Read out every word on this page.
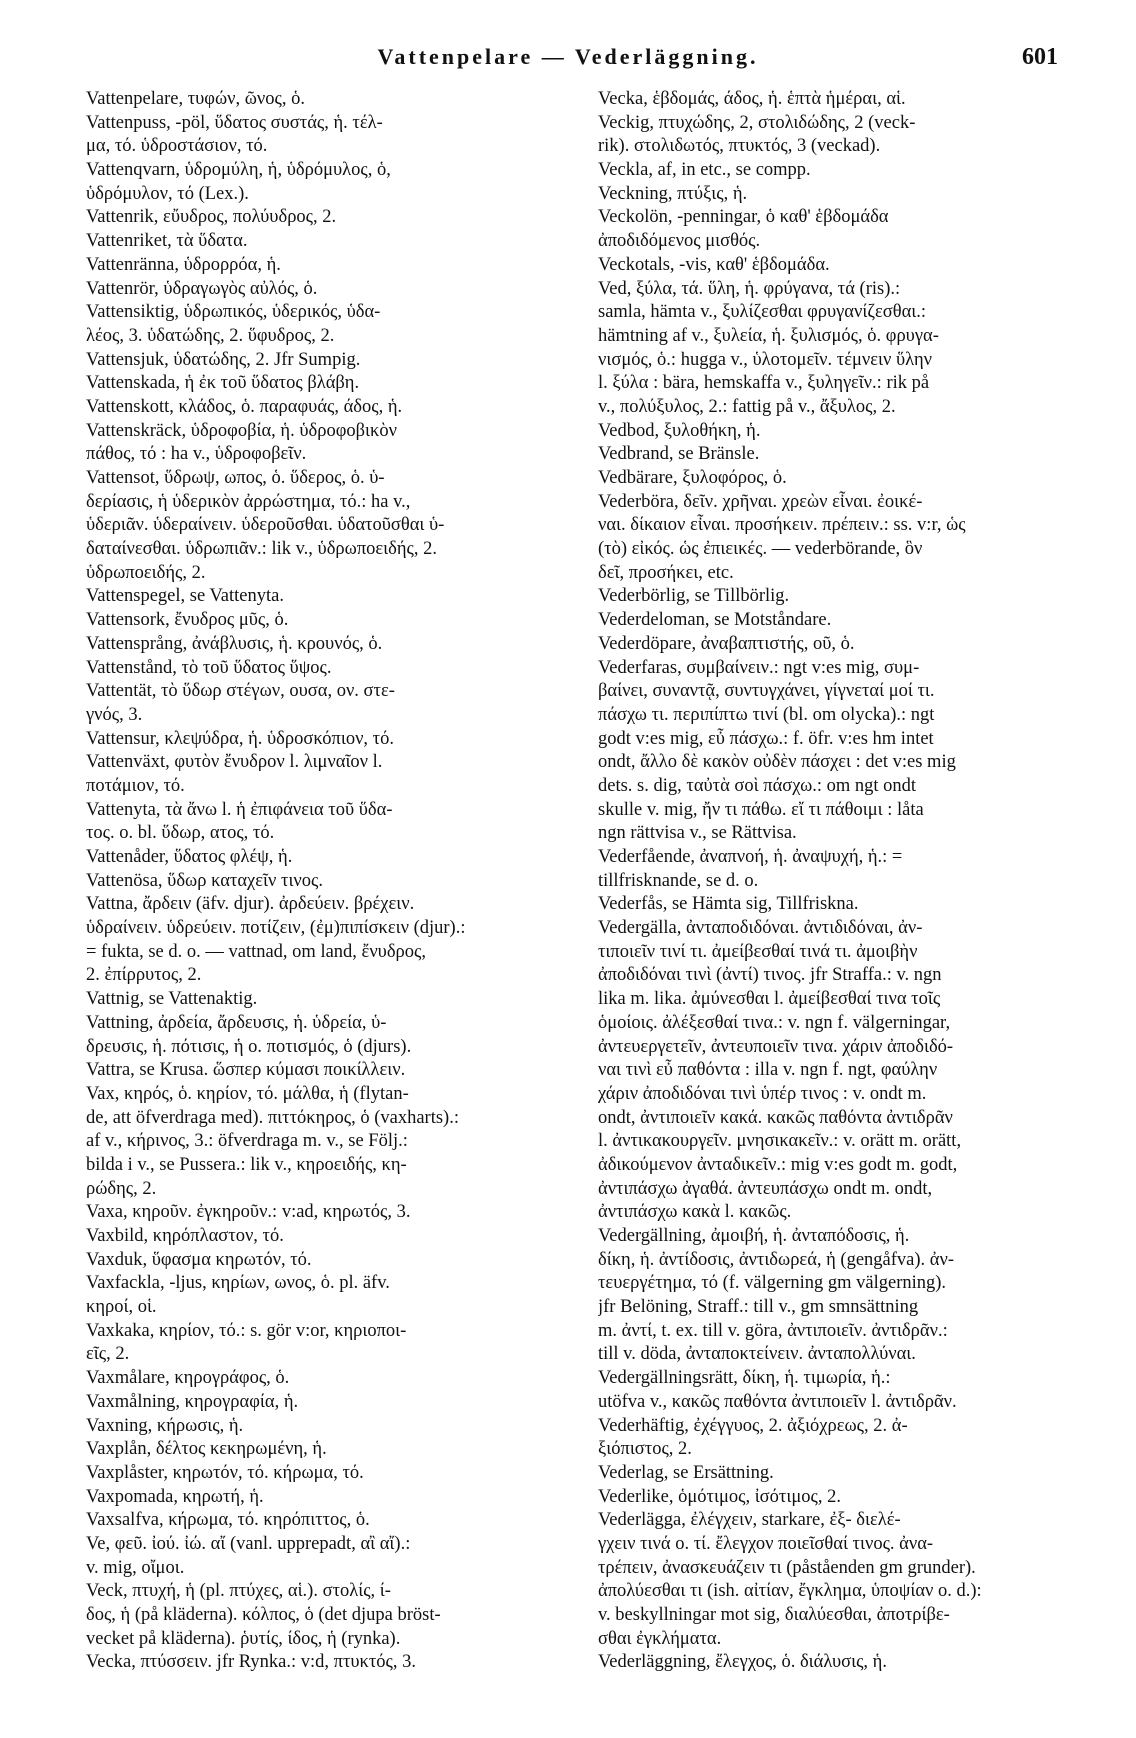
Vattenpelare — Vederläggning.	601
Vattenpelare, τυφών, ῶνος, ὁ.
Vattenpuss, -pöl, ὕδατος συστάς, ἡ. τέλ-
μα, τό. ὑδροστάσιον, τό.
Vattenqvarn, ὑδρομύλη, ἡ, ὑδρόμυλος, ὁ,
ὑδρόμυλον, τό (Lex.).
Vattenrik, εὔυδρος, πολύυδρος, 2.
Vattenriket, τὰ ὕδατα.
Vattenränna, ὑδρορρόα, ἡ.
Vattenrör, ὑδραγωγὸς αὐλός, ὁ.
Vattensiktig, ὑδρωπικός, ὑδερικός, ὑδα-
λέος, 3. ὑδατώδης, 2. ὕφυδρος, 2.
Vattensjuk, ὑδατώδης, 2. Jfr Sumpig.
Vattenskada, ἡ ἐκ τοῦ ὕδατος βλάβη.
Vattenskott, κλάδος, ὁ. παραφυάς, άδος, ἡ.
Vattenskräck, ὑδροφοβία, ἡ. ὑδροφοβικὸν
πάθος, τό : ha v., ὑδροφοβεῖν.
Vattensot, ὕδρωψ, ωπος, ὁ. ὕδερος, ὁ. ὑ-
δερίασις, ἡ ὑδερικὸν ἀρρώστημα, τό.: ha v.,
ὑδεριᾶν. ὑδεραίνειν. ὑδεροῦσθαι. ὑδατοῦσθαι ὑ-
δαταίνεσθαι. ὑδρωπιᾶν.: lik v., ὑδρωποειδής, 2.
ὑδρωποειδής, 2.
Vattenspegel, se Vattenyta.
Vattensork, ἔνυδρος μῦς, ὁ.
Vattensprång, ἀνάβλυσις, ἡ. κρουνός, ὁ.
Vattenstånd, τὸ τοῦ ὕδατος ὕψος.
Vattentät, τὸ ὕδωρ στέγων, ουσα, ον. στε-
γνός, 3.
Vattensur, κλεψύδρα, ἡ. ὑδροσκόπιον, τό.
Vattenväxt, φυτὸν ἔνυδρον l. λιμναῖον l.
ποτάμιον, τό.
Vattenyta, τὰ ἄνω l. ἡ ἐπιφάνεια τοῦ ὕδα-
τος. o. bl. ὕδωρ, ατος, τό.
Vattenåder, ὕδατος φλέψ, ἡ.
Vattenösa, ὕδωρ καταχεῖν τινος.
Vattna, ἄρδειν (äfv. djur). ἀρδεύειν. βρέχειν.
ὑδραίνειν. ὑδρεύειν. ποτίζειν, (ἐμ)πιπίσκειν (djur).:
= fukta, se d. o. — vattnad, om land, ἔνυδρος,
2. ἐπίρρυτος, 2.
Vattnig, se Vattenaktig.
Vattning, ἀρδεία, ἄρδευσις, ἡ. ὑδρεία, ὑ-
δρευσις, ἡ. πότισις, ἡ ο. ποτισμός, ὁ (djurs).
Vattra, se Krusa. ὥσπερ κύμασι ποικίλλειν.
Vax, κηρός, ὁ. κηρίον, τό. μάλθα, ἡ (flytan-
de, att öfverdraga med). πιττόκηρος, ὁ (vaxharts).:
af v., κήρινος, 3.: öfverdraga m. v., se Följ.:
bilda i v., se Pussera.: lik v., κηροειδής, κη-
ρώδης, 2.
Vaxa, κηροῦν. ἐγκηροῦν.: v:ad, κηρωτός, 3.
Vaxbild, κηρόπλαστον, τό.
Vaxduk, ὕφασμα κηρωτόν, τό.
Vaxfackla, -ljus, κηρίων, ωνος, ὁ. pl. äfv.
κηροί, οἱ.
Vaxkaka, κηρίον, τό.: s. gör v:or, κηριοποι-
εῖς, 2.
Vaxmålare, κηρογράφος, ὁ.
Vaxmålning, κηρογραφία, ἡ.
Vaxning, κήρωσις, ἡ.
Vaxplån, δέλτος κεκηρωμένη, ἡ.
Vaxplåster, κηρωτόν, τό. κήρωμα, τό.
Vaxpomada, κηρωτή, ἡ.
Vaxsalfva, κήρωμα, τό. κηρόπιττος, ὁ.
Ve, φεῦ. ἰού. ἰώ. αἴ (vanl. upprepadt, αἲ αἴ).:
v. mig, οἴμοι.
Veck, πτυχή, ἡ (pl. πτύχες, αἱ.). στολίς, ί-
δος, ἡ (på kläderna). κόλπος, ὁ (det djupa bröst-
vecket på kläderna). ῥυτίς, ίδος, ἡ (rynka).
Vecka, πτύσσειν. jfr Rynka.: v:d, πτυκτός, 3.
Vecka, ἑβδομάς, άδος, ἡ. ἑπτὰ ἡμέραι, αἱ.
Veckig, πτυχώδης, 2, στολιδώδης, 2 (veck-
rik). στολιδωτός, πτυκτός, 3 (veckad).
Veckla, af, in etc., se compp.
Veckning, πτύξις, ἡ.
Veckolön, -penningar, ὁ καθ' ἑβδομάδα
ἀποδιδόμενος μισθός.
Veckotals, -vis, καθ' ἑβδομάδα.
Ved, ξύλα, τά. ὕλη, ἡ. φρύγανα, τά (ris).:
samla, hämta v., ξυλίζεσθαι φρυγανίζεσθαι.:
hämtning af v., ξυλεία, ἡ. ξυλισμός, ὁ. φρυγα-
νισμός, ὁ.: hugga v., ὑλοτομεῖν. τέμνειν ὕλην
l. ξύλα : bära, hemskaffa v., ξυληγεῖν.: rik på
v., πολύξυλος, 2.: fattig på v., ἄξυλος, 2.
Vedbod, ξυλοθήκη, ἡ.
Vedbrand, se Bränsle.
Vedbärare, ξυλοφόρος, ὁ.
Vederböra, δεῖν. χρῆναι. χρεὼν εἶναι. ἐοικέ-
ναι. δίκαιον εἶναι. προσήκειν. πρέπειν.: ss. v:r, ὡς
(τὸ) εἰκός. ὡς ἐπιεικές. — vederbörande, ὃν
δεῖ, προσήκει, etc.
Vederbörlig, se Tillbörlig.
Vederdeloman, se Motståndare.
Vederdöpare, ἀναβαπτιστής, οῦ, ὁ.
Vederfaras, συμβαίνειν.: ngt v:es mig, συμ-
βαίνει, συναντᾷ, συντυγχάνει, γίγνεταί μοί τι.
πάσχω τι. περιπίπτω τινί (bl. om olycka).: ngt
godt v:es mig, εὖ πάσχω.: f. öfr. v:es hm intet
ondt, ἄλλο δὲ κακὸν οὐδὲν πάσχει : det v:es mig
dets. s. dig, ταὐτὰ σοὶ πάσχω.: om ngt ondt
skulle v. mig, ἤν τι πάθω. εἴ τι πάθοιμι : låta
ngn rättvisa v., se Rättvisa.
Vederfående, ἀναπνοή, ἡ. ἀναψυχή, ἡ.: =
tillfrisknande, se d. o.
Vederfås, se Hämta sig, Tillfriskna.
Vedergälla, ἀνταποδιδόναι. ἀντιδιδόναι, ἀν-
τιποιεῖν τινί τι. ἀμείβεσθαί τινά τι. ἀμοιβὴν
ἀποδιδόναι τινὶ (ἀντί) τινος. jfr Straffa.: v. ngn
lika m. lika. ἀμύνεσθαι l. ἀμείβεσθαί τινα τοῖς
ὁμοίοις. ἀλέξεσθαί τινα.: v. ngn f. välgerningar,
ἀντευεργετεῖν, ἀντευποιεῖν τινα. χάριν ἀποδιδό-
ναι τινὶ εὖ παθόντα : illa v. ngn f. ngt, φαύλην
χάριν ἀποδιδόναι τινὶ ὑπέρ τινος : v. ondt m.
ondt, ἀντιποιεῖν κακά. κακῶς παθόντα ἀντιδρᾶν
l. ἀντικακουργεῖν. μνησικακεῖν.: v. orätt m. orätt,
ἀδικούμενον ἀνταδικεῖν.: mig v:es godt m. godt,
ἀντιπάσχω ἀγαθά. ἀντευπάσχω ondt m. ondt,
ἀντιπάσχω κακὰ l. κακῶς.
Vedergällning, ἀμοιβή, ἡ. ἀνταπόδοσις, ἡ.
δίκη, ἡ. ἀντίδοσις, ἀντιδωρεά, ἡ (gengåfva). ἀν-
τευεργέτημα, τό (f. välgerning gm välgerning).
jfr Belöning, Straff.: till v., gm smnsättning
m. ἀντί, t. ex. till v. göra, ἀντιποιεῖν. ἀντιδρᾶν.:
till v. döda, ἀνταποκτείνειν. ἀνταπολλύναι.
Vedergällningsrätt, δίκη, ἡ. τιμωρία, ἡ.:
utöfva v., κακῶς παθόντα ἀντιποιεῖν l. ἀντιδρᾶν.
Vederhäftig, ἐχέγγυος, 2. ἀξιόχρεως, 2. ἀ-
ξιόπιστος, 2.
Vederlag, se Ersättning.
Vederlike, ὁμότιμος, ἰσότιμος, 2.
Vederlägga, ἐλέγχειν, starkare, ἐξ- διελέ-
γχειν τινά ο. τί. ἔλεγχον ποιεῖσθαί τινος. ἀνα-
τρέπειν, ἀνασκευάζειν τι (påståenden gm grunder).
ἀπολύεσθαι τι (ish. αἰτίαν, ἔγκλημα, ὑποψίαν o. d.):
v. beskyllningar mot sig, διαλύεσθαι, ἀποτρίβε-
σθαι ἐγκλήματα.
Vederläggning, ἔλεγχος, ὁ. διάλυσις, ἡ.
